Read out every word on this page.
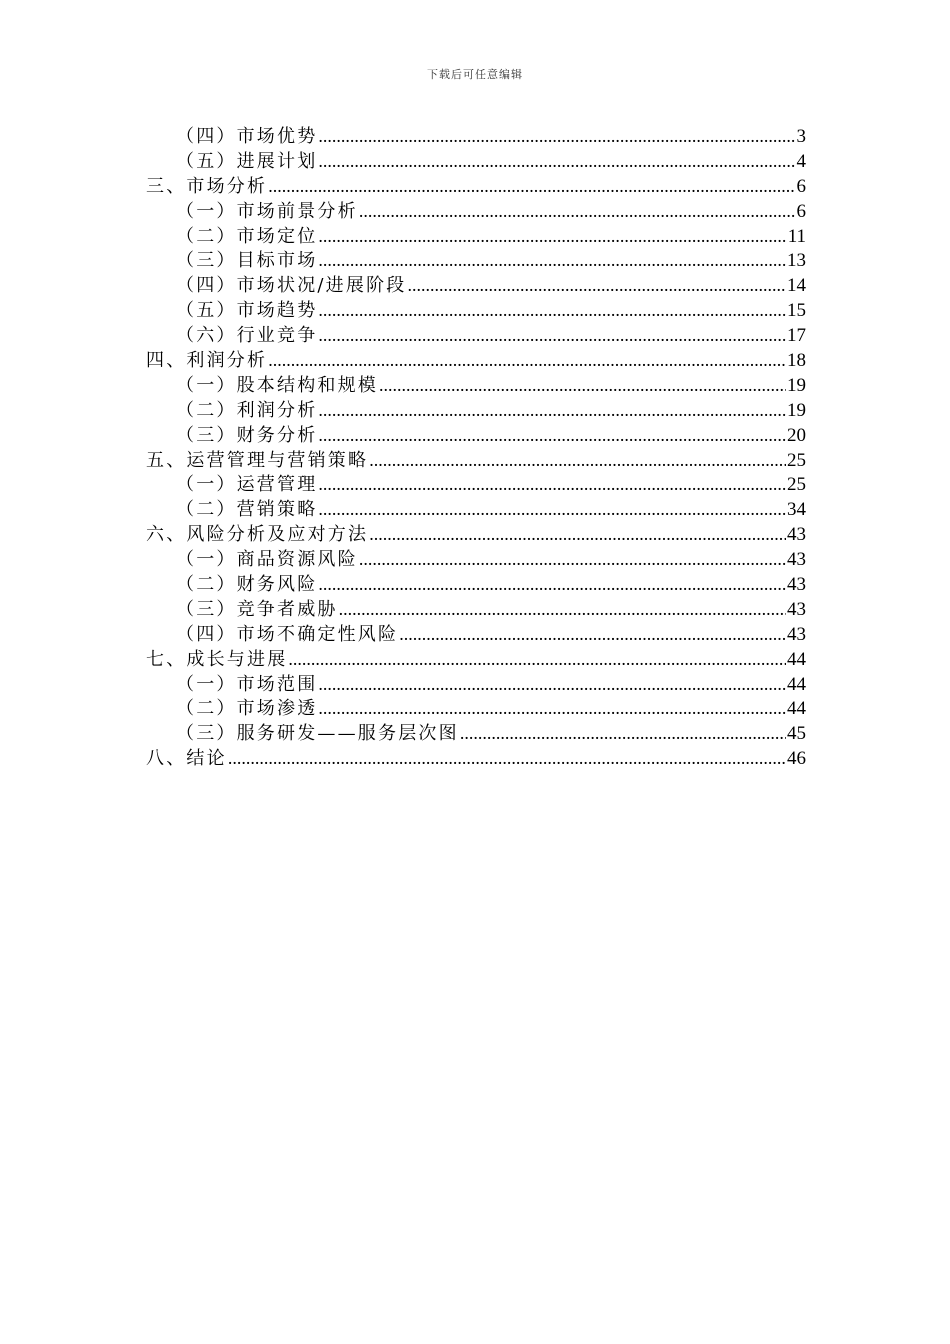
下载后可任意编辑
（四）市场优势 .....	3
（五）进展计划 .....	4
三、市场分析 .....	6
（一）市场前景分析 .....	6
（二）市场定位 .....	11
（三）目标市场 .....	13
（四）市场状况/进展阶段 .....	14
（五）市场趋势 .....	15
（六）行业竞争 .....	17
四、利润分析 .....	18
（一）股本结构和规模 .....	19
（二）利润分析 .....	19
（三）财务分析 .....	20
五、运营管理与营销策略 .....	25
（一）运营管理 .....	25
（二）营销策略 .....	34
六、风险分析及应对方法 .....	43
（一）商品资源风险 .....	43
（二）财务风险 .....	43
（三）竞争者威胁 .....	43
（四）市场不确定性风险 .....	43
七、成长与进展 .....	44
（一）市场范围 .....	44
（二）市场渗透 .....	44
（三）服务研发——服务层次图 .....	45
八、结论 .....	46
